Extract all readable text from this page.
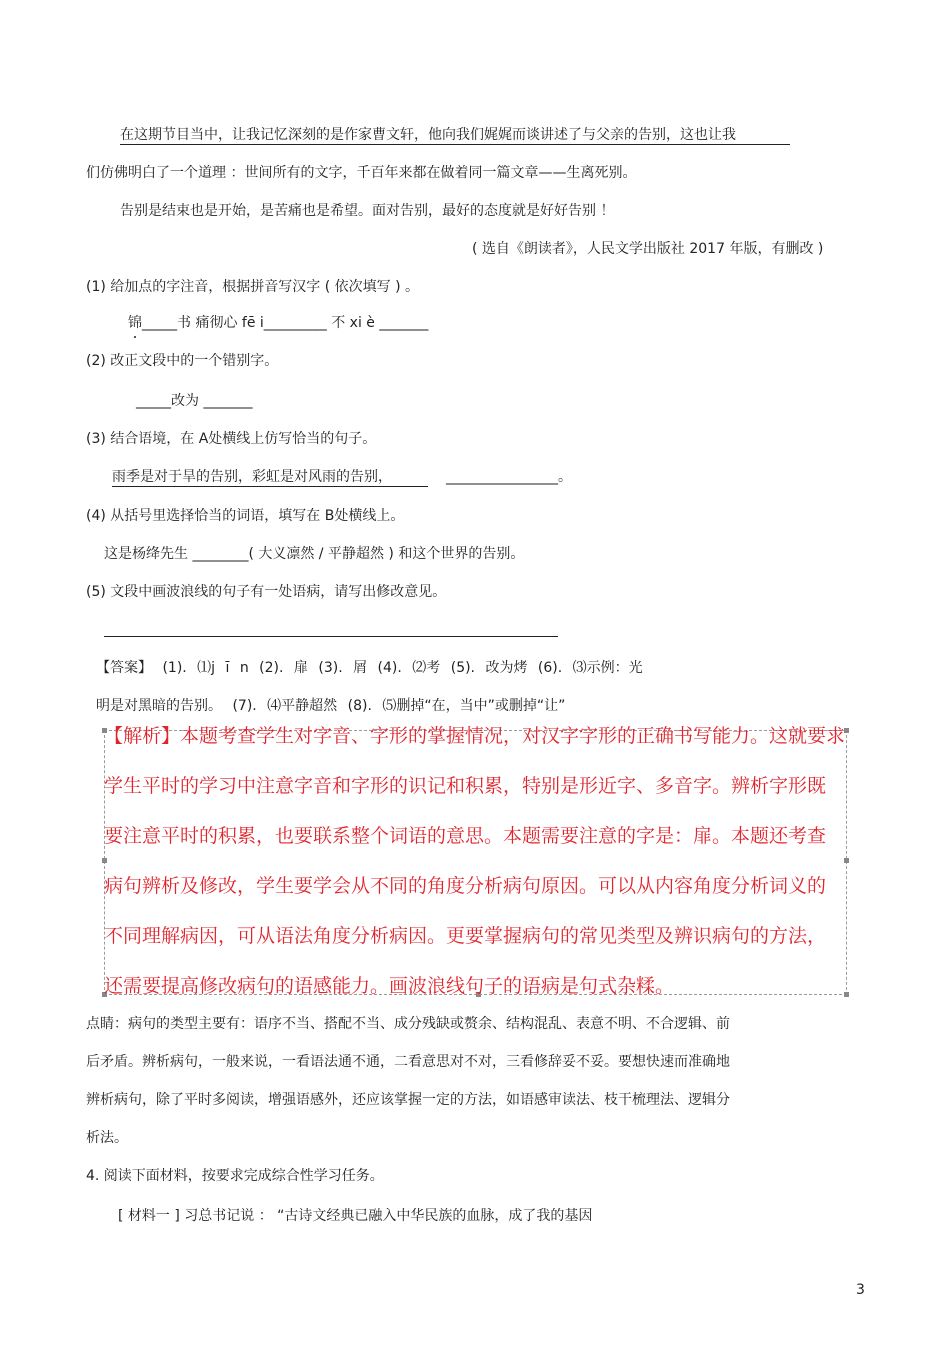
在这期节目当中，让我记忆深刻的是作家曹文轩，他向我们娓娓而谈讲述了与父亲的告别，这也让我
们仿佛明白了一个道理 ：世间所有的文字，千百年来都在做着同一篇文章——生离死别。
告别是结束也是开始，是苦痛也是希望。面对告别，最好的态度就是好好告别 ！
( 选自《朗读者》，人民文学出版社 2017 年版，有删改 )
(1) 给加点的字注音，根据拼音写汉字 ( 依次填写 ) 。
锦_____书 痛彻心 fē i_________ 不 xi è _______
(2) 改正文段中的一个错别字。
_____改为 _______
(3) 结合语境，在 A处横线上仿写恰当的句子。
雨季是对于旱的告别，彩虹是对风雨的告别，	________________。
(4) 从括号里选择恰当的词语，填写在 B处横线上。
这是杨绛先生 ________( 大义凛然 / 平静超然 ) 和这个世界的告别。
(5) 文段中画波浪线的句子有一处语病，请写出修改意见。
【答案】 (1). ⑴j ī n (2). 扉 (3). 屑 (4). ⑵考 (5). 改为烤 (6). ⑶示例：光
明是对黑暗的告别。 (7). ⑷平静超然 (8). ⑸删掉“在，当中”或删掉“让”
【解析】本题考查学生对字音、字形的掌握情况，对汉字字形的正确书写能力。这就要求
学生平时的学习中注意字音和字形的识记和积累，特别是形近字、多音字。辨析字形既
要注意平时的积累，也要联系整个词语的意思。本题需要注意的字是：扉。本题还考查
病句辨析及修改，学生要学会从不同的角度分析病句原因。可以从内容角度分析词义的
不同理解病因，可从语法角度分析病因。更要掌握病句的常见类型及辨识病句的方法，
还需要提高修改病句的语感能力。画波浪线句子的语病是句式杂糅。
点睛：病句的类型主要有：语序不当、搭配不当、成分残缺或赘余、结构混乱、表意不明、不合逻辑、前
后矛盾。辨析病句，一般来说，一看语法通不通，二看意思对不对，三看修辞妥不妥。要想快速而准确地
辨析病句，除了平时多阅读，增强语感外，还应该掌握一定的方法，如语感审读法、枝干梳理法、逻辑分
析法。
4. 阅读下面材料，按要求完成综合性学习任务。
[ 材料一 ] 习总书记说 ： “古诗文经典已融入中华民族的血脉，成了我的基因
3
